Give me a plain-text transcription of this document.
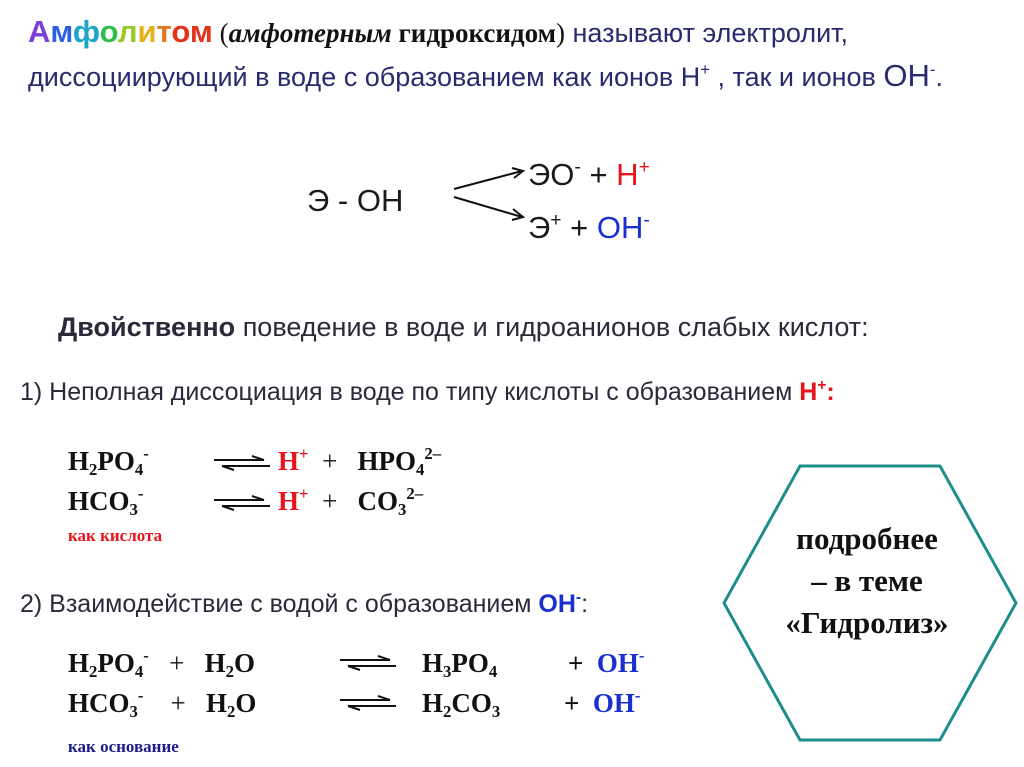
Амфолитом (амфотерным гидроксидом) называют электролит,
диссоциирующий в воде с образованием как ионов Н+ , так и ионов OH-.
Э - ОН
ЭО- + H+
Э+ + OH-
Двойственно поведение в воде и гидроанионов слабых кислот:
1) Неполная диссоциация в воде по типу кислоты с образованием H+:
$H_2PO_4^-$	⇌ $H^+ + HPO_4^{2-}$
$HCO_3^-$	⇌ $H^+ + CO_3^{2-}$
как кислота
2) Взаимодействие с водой с образованием OH-:
$H_2PO_4^- + H_2O$	⇌ $H_3PO_4$	+ OH-
$HCO_3^- + H_2O$	⇌ $H_2CO_3 + OH^-$
как основание
подробнее
– в теме
«Гидролиз»
